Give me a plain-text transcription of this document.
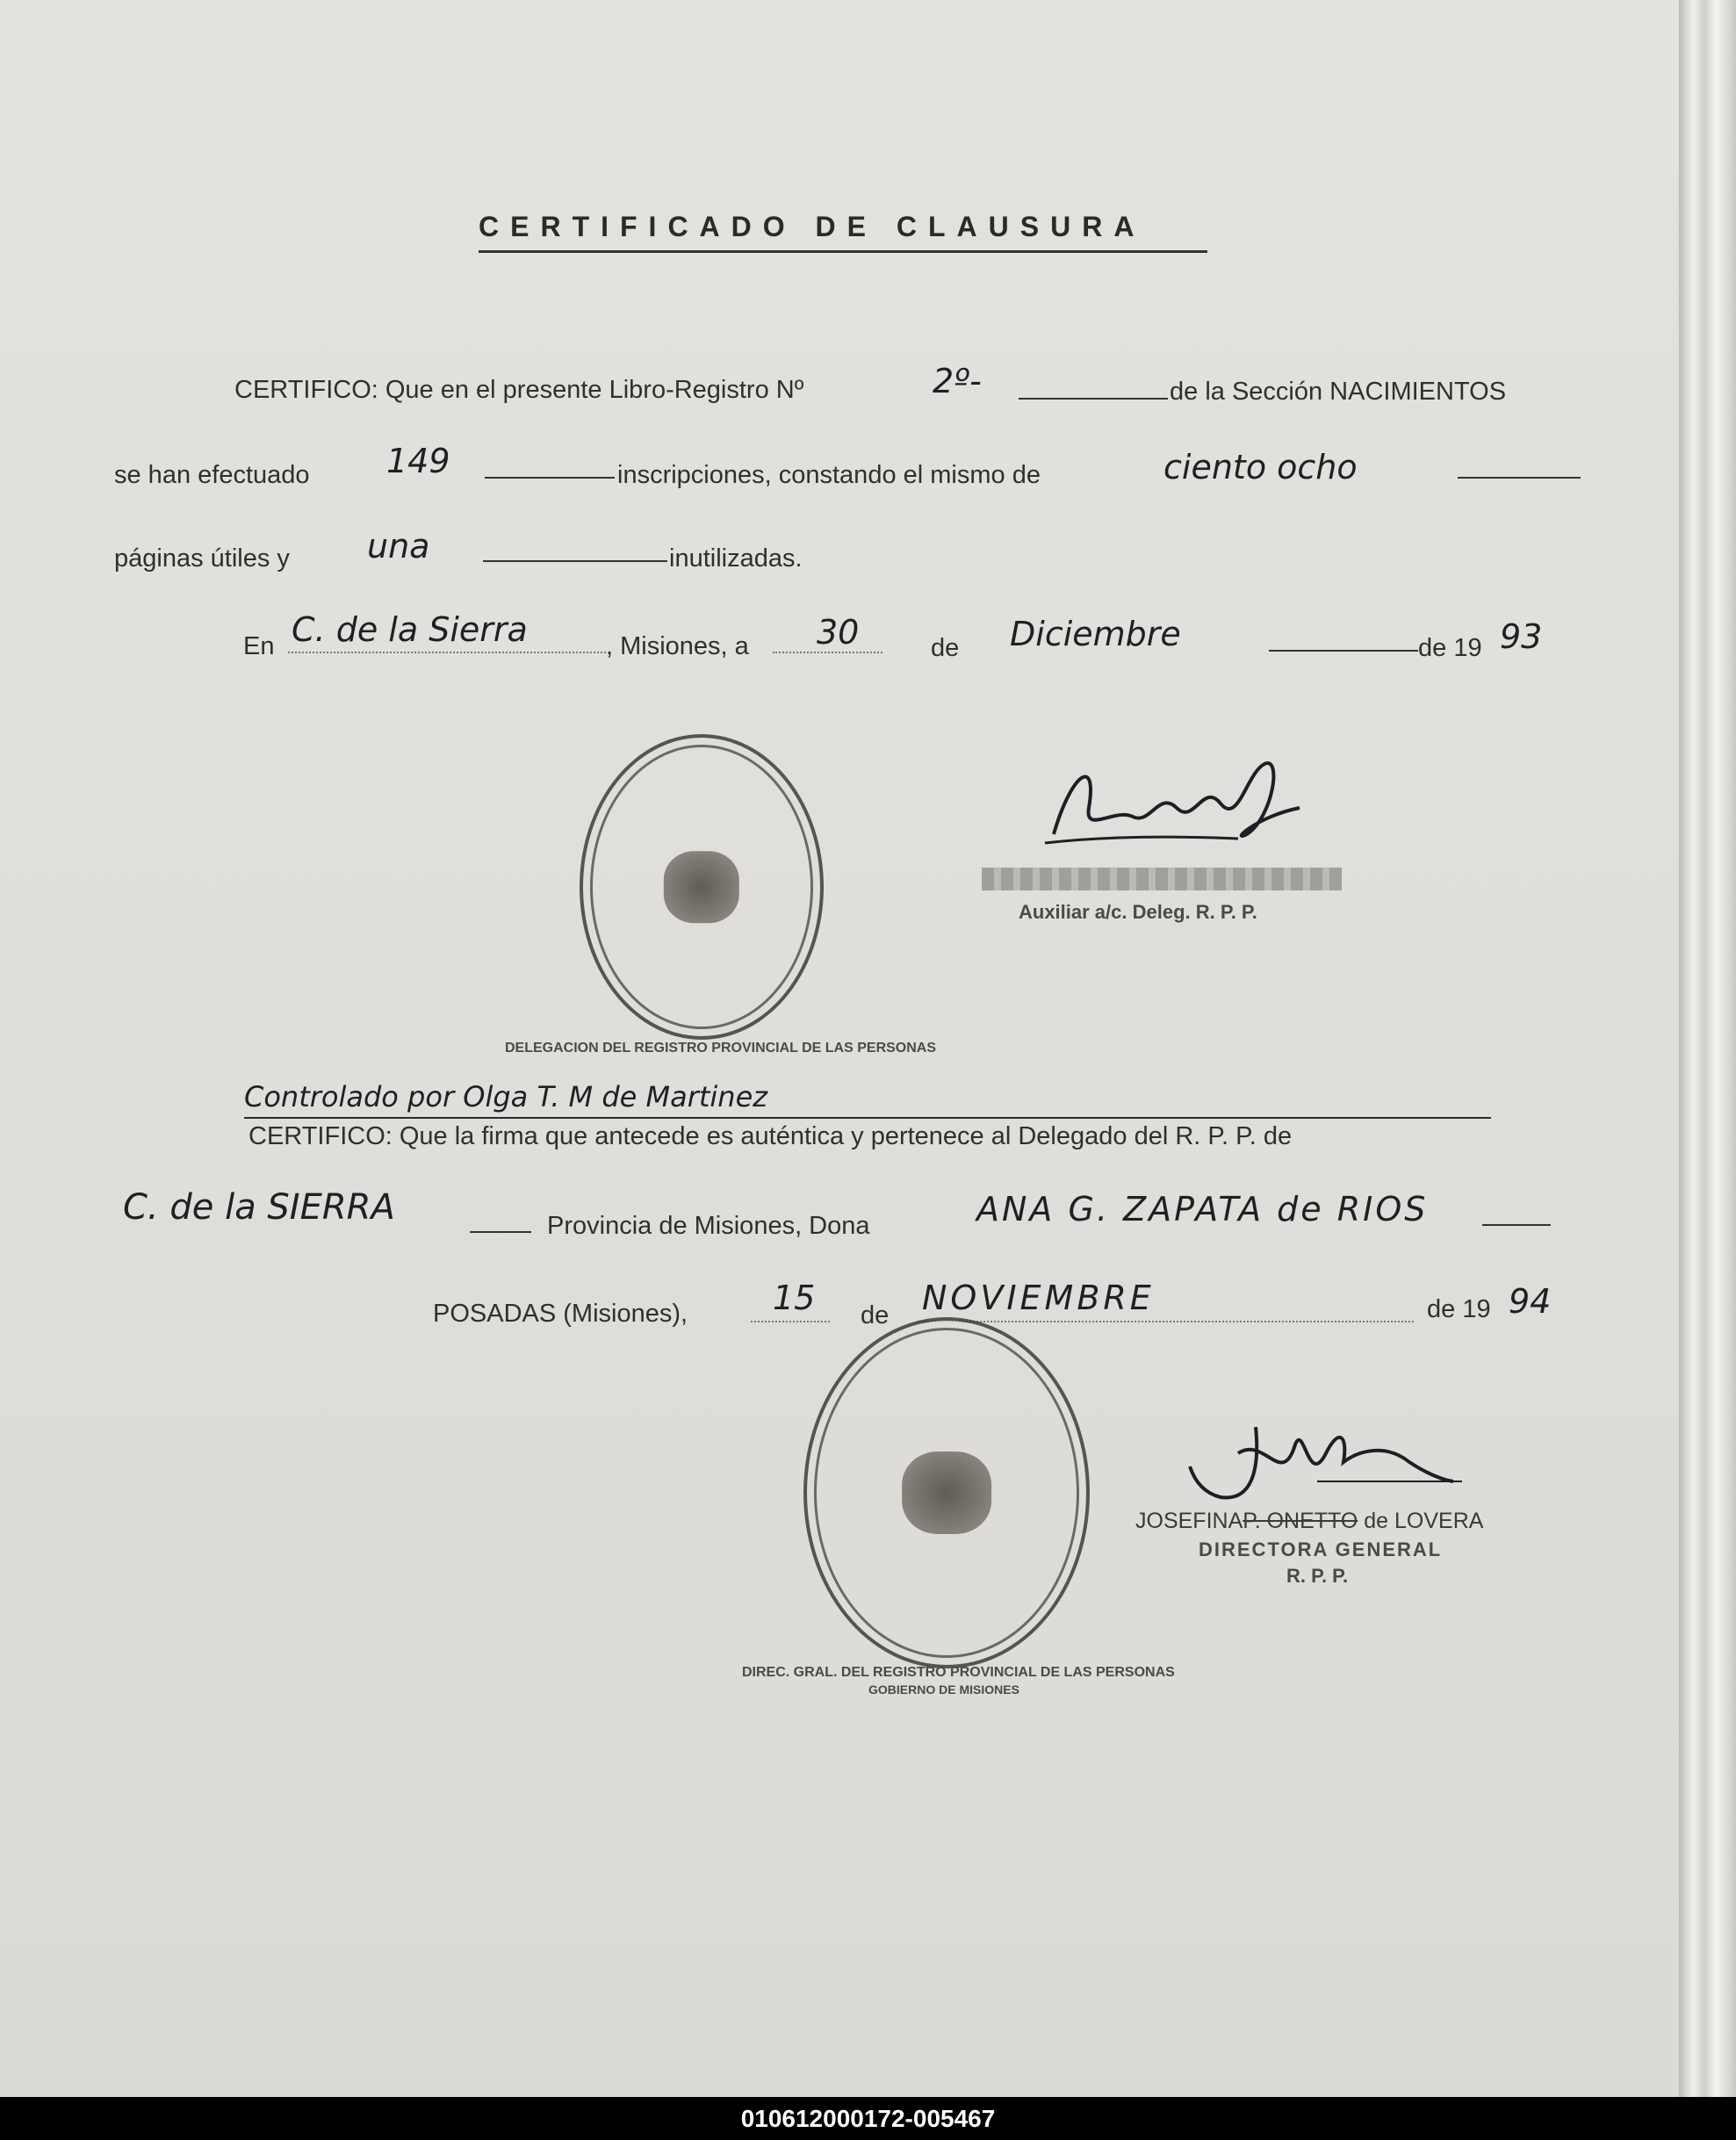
CERTIFICADO DE CLAUSURA
CERTIFICO: Que en el presente Libro-Registro Nº	2º-	de la Sección NACIMIENTOS
se han efectuado 149	inscripciones, constando el mismo de	ciento ocho
páginas útiles y una	inutilizadas.
En C. de la Sierra	, Misiones, a 30	de Diciembre	de 19 93
DELEGACION DEL REGISTRO PROVINCIAL DE LAS PERSONAS
Auxiliar a/c. Deleg. R. P. P.
Controlado por Olga T. M de Martinez
CERTIFICO: Que la firma que antecede es auténtica y pertenece al Delegado del R. P. P. de
C. de la SIERRA	Provincia de Misiones, Dona	ANA G. ZAPATA de RIOS
POSADAS (Misiones),	15 de NOVIEMBRE	de 19 94
DIREC. GRAL. DEL REGISTRO PROVINCIAL DE LAS PERSONAS
GOBIERNO DE MISIONES
JOSEFINAP. ONETTO de LOVERA
DIRECTORA GENERAL
R. P. P.
010612000172-005467
